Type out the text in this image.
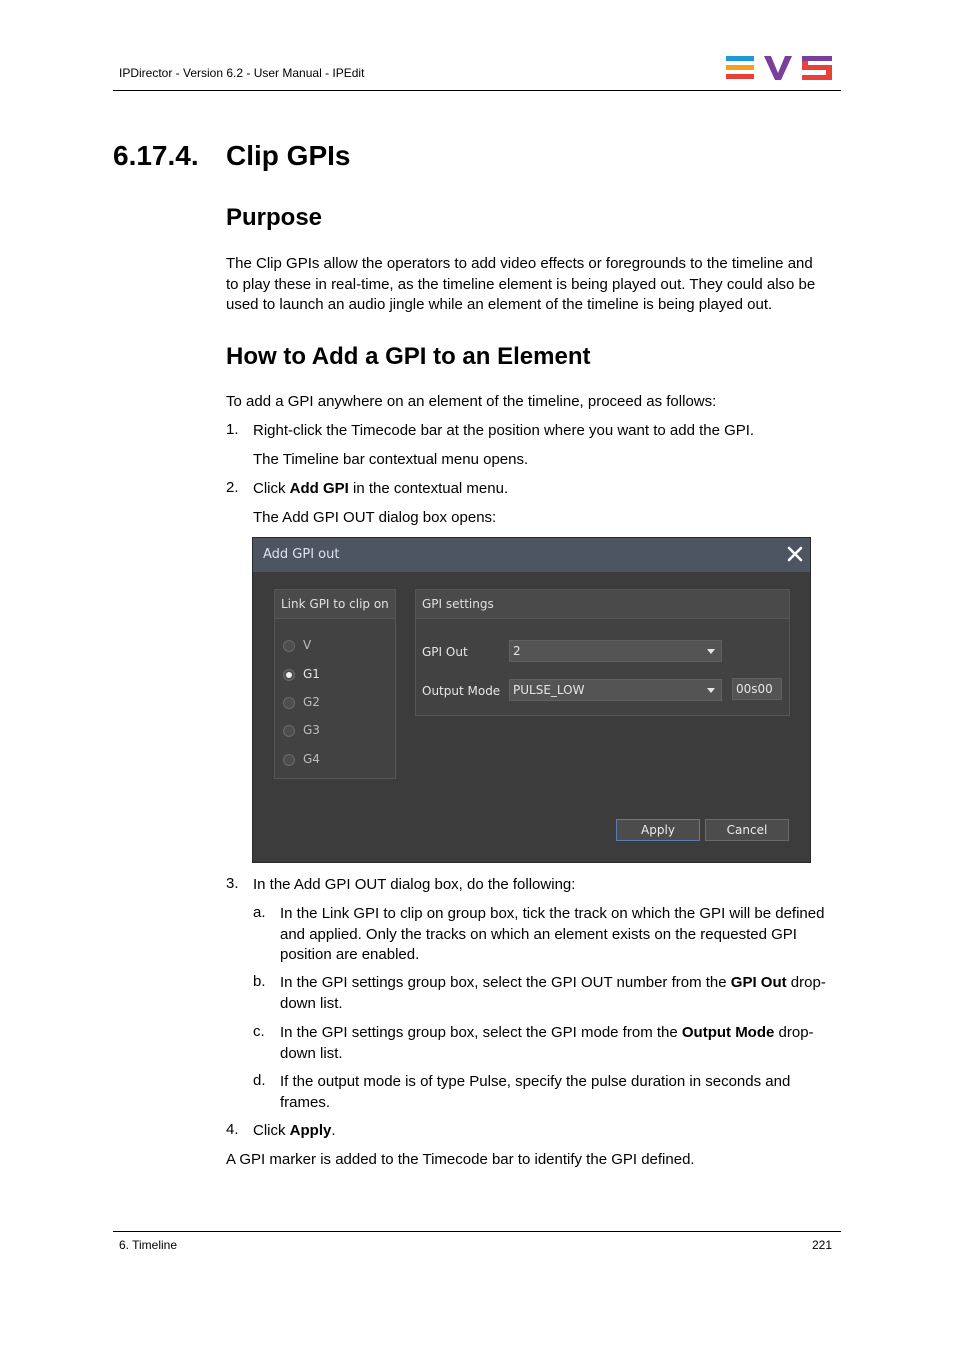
IPDirector - Version 6.2 - User Manual - IPEdit
6.17.4. Clip GPIs
Purpose
The Clip GPIs allow the operators to add video effects or foregrounds to the timeline and
to play these in real-time, as the timeline element is being played out. They could also be
used to launch an audio jingle while an element of the timeline is being played out.
How to Add a GPI to an Element
To add a GPI anywhere on an element of the timeline, proceed as follows:
1. Right-click the Timecode bar at the position where you want to add the GPI.
The Timeline bar contextual menu opens.
2. Click Add GPI in the contextual menu.
The Add GPI OUT dialog box opens:
Add GPI out
Link GPI to clip on
V
G1
G2
G3
G4
GPI settings
GPI Out	2
Output Mode PULSE_LOW	00s00
Apply	Cancel
3. In the Add GPI OUT dialog box, do the following:
a. In the Link GPI to clip on group box, tick the track on which the GPI will be defined
and applied. Only the tracks on which an element exists on the requested GPI
position are enabled.
b. In the GPI settings group box, select the GPI OUT number from the GPI Out drop-
down list.
c. In the GPI settings group box, select the GPI mode from the Output Mode drop-
down list.
d. If the output mode is of type Pulse, specify the pulse duration in seconds and
frames.
4. Click Apply.
A GPI marker is added to the Timecode bar to identify the GPI defined.
6. Timeline	221
